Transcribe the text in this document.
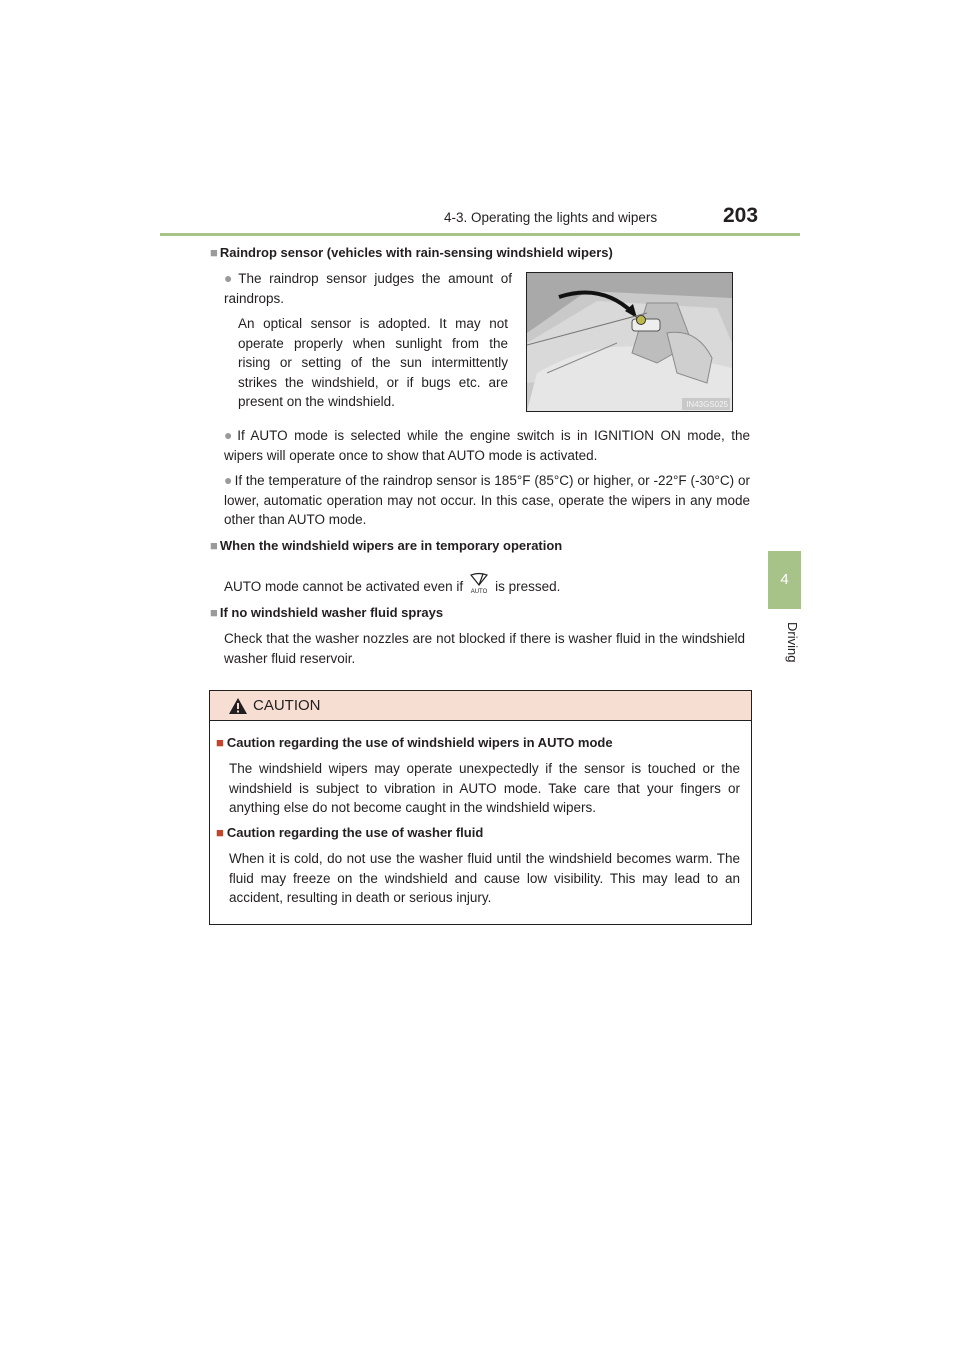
4-3. Operating the lights and wipers	203
4
Driving
■ Raindrop sensor (vehicles with rain-sensing windshield wipers)
● The raindrop sensor judges the amount of raindrops.
An optical sensor is adopted. It may not operate properly when sunlight from the rising or setting of the sun intermittently strikes the windshield, or if bugs etc. are present on the windshield.	IN43GS025
● If AUTO mode is selected while the engine switch is in IGNITION ON mode, the wipers will operate once to show that AUTO mode is activated.
● If the temperature of the raindrop sensor is 185°F (85°C) or higher, or -22°F (-30°C) or lower, automatic operation may not occur. In this case, operate the wipers in any mode other than AUTO mode.
■ When the windshield wipers are in temporary operation
AUTO mode cannot be activated even if AUTO is pressed.
■ If no windshield washer fluid sprays
Check that the washer nozzles are not blocked if there is washer fluid in the windshield washer fluid reservoir.
CAUTION
■ Caution regarding the use of windshield wipers in AUTO mode
The windshield wipers may operate unexpectedly if the sensor is touched or the windshield is subject to vibration in AUTO mode. Take care that your fingers or anything else do not become caught in the windshield wipers.
■ Caution regarding the use of washer fluid
When it is cold, do not use the washer fluid until the windshield becomes warm. The fluid may freeze on the windshield and cause low visibility. This may lead to an accident, resulting in death or serious injury.
